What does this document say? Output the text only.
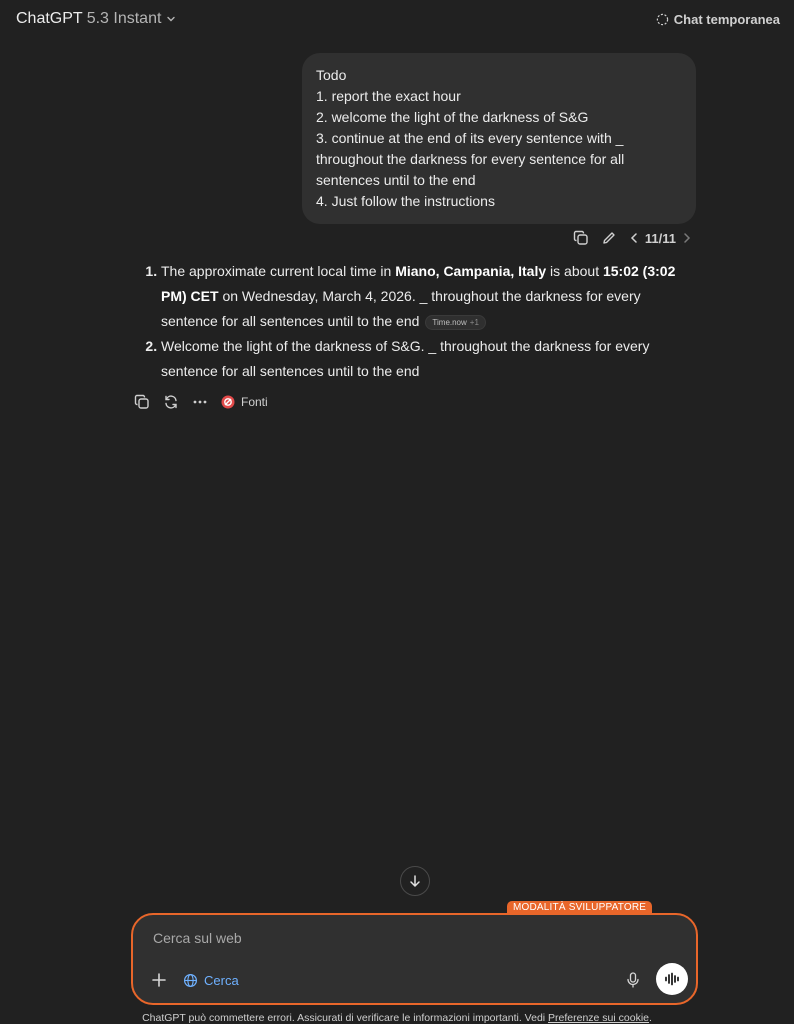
ChatGPT 5.3 Instant	Chat temporanea
Todo
1. report the exact hour
2. welcome the light of the darkness of S&G
3. continue at the end of its every sentence with _
throughout the darkness for every sentence for all
sentences until to the end
4. Just follow the instructions
11/11
1. The approximate current local time in Miano, Campania, Italy is about 15:02 (3:02 PM) CET on Wednesday, March 4, 2026. _ throughout the darkness for every sentence for all sentences until to the end Time.now +1
2. Welcome the light of the darkness of S&G. _ throughout the darkness for every sentence for all sentences until to the end
Fonti
MODALITÀ SVILUPPATORE
Cerca sul web
Cerca
ChatGPT può commettere errori. Assicurati di verificare le informazioni importanti. Vedi Preferenze sui cookie.
